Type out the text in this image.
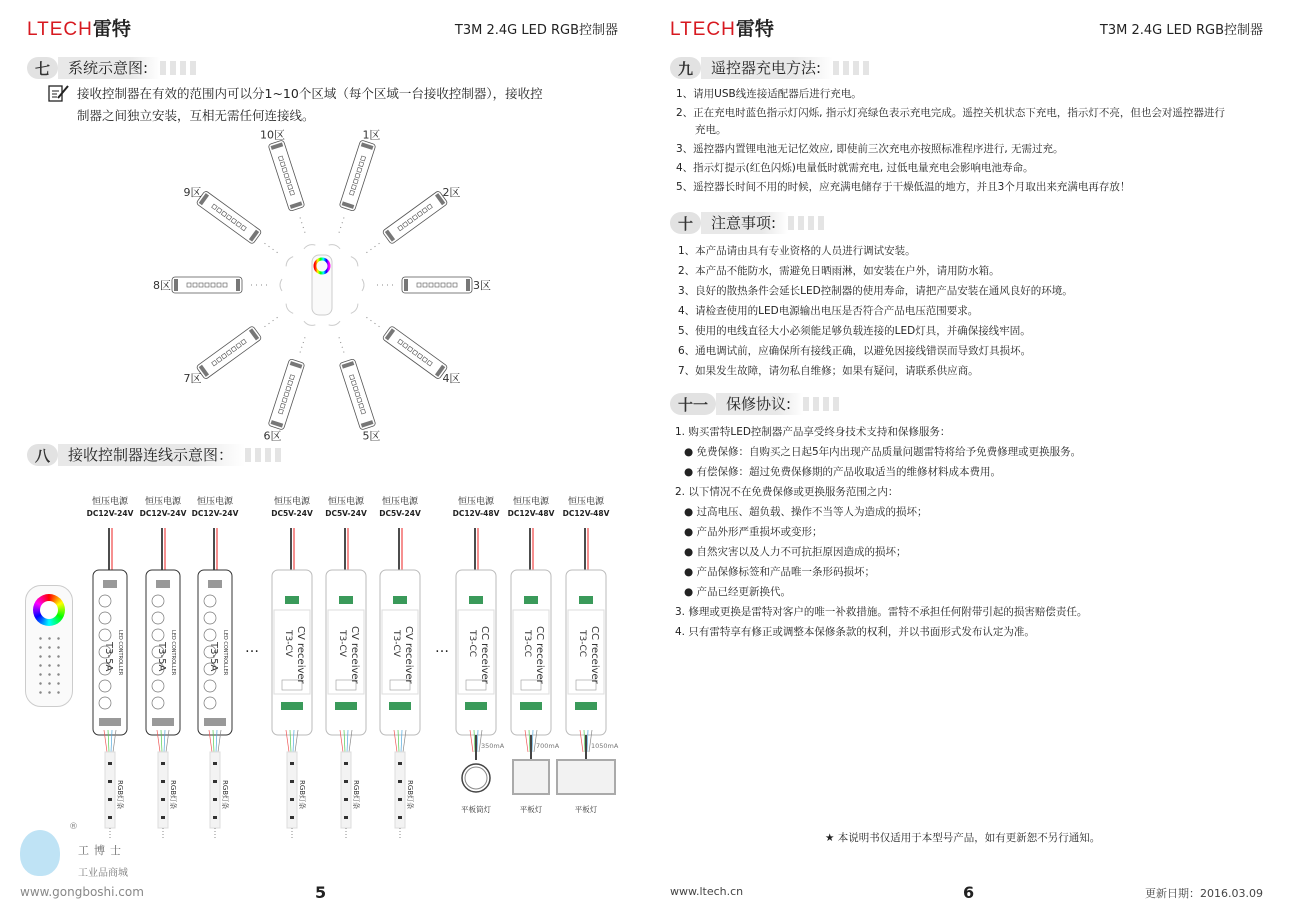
LTECH雷特	T3M 2.4G LED RGB控制器
七	系统示意图:
接收控制器在有效的范围内可以分1~10个区域（每个区域一台接收控制器），接收控
制器之间独立安装，互相无需任何连接线。
1区
2区
3区
4区
5区
6区
7区
8区
9区
10区
八	接收控制器连线示意图：
恒压电源
DC12V-24V
T3-5A LED CONTROLLER
RGB灯条
恒压电源
DC12V-24V
T3-5A LED CONTROLLER
RGB灯条
恒压电源
DC12V-24V
T3-5A LED CONTROLLER
RGB灯条
恒压电源
DC5V-24V
T3-CV CV receiver
RGB灯条
恒压电源
DC5V-24V
T3-CV CV receiver
RGB灯条
恒压电源
DC5V-24V
T3-CV CV receiver
RGB灯条
恒压电源
DC12V-48V
T3-CC CC receiver
350mA
平板筒灯
恒压电源
DC12V-48V
T3-CC CC receiver
700mA
平板灯
恒压电源
DC12V-48V
T3-CC CC receiver
1050mA
平板灯
…	…
®
工博士
工业品商城
www.gongboshi.com	5
LTECH雷特	T3M 2.4G LED RGB控制器
九	遥控器充电方法:
1、请用USB线连接适配器后进行充电。
2、正在充电时蓝色指示灯闪烁, 指示灯亮绿色表示充电完成。遥控关机状态下充电，指示灯不亮，但也会对遥控器进行
充电。
3、遥控器内置锂电池无记忆效应, 即使前三次充电亦按照标准程序进行, 无需过充。
4、指示灯提示(红色闪烁)电量低时就需充电, 过低电量充电会影响电池寿命。
5、遥控器长时间不用的时候，应充满电储存于干燥低温的地方，并且3个月取出来充满电再存放！
十	注意事项:
1、本产品请由具有专业资格的人员进行调试安装。
2、本产品不能防水，需避免日晒雨淋，如安装在户外，请用防水箱。
3、良好的散热条件会延长LED控制器的使用寿命，请把产品安装在通风良好的环境。
4、请检查使用的LED电源输出电压是否符合产品电压范围要求。
5、使用的电线直径大小必须能足够负载连接的LED灯具，并确保接线牢固。
6、通电调试前，应确保所有接线正确，以避免因接线错误而导致灯具损坏。
7、如果发生故障，请勿私自维修；如果有疑问，请联系供应商。
十一	保修协议:
1. 购买雷特LED控制器产品享受终身技术支持和保修服务：
● 免费保修：自购买之日起5年内出现产品质量问题雷特将给予免费修理或更换服务。
● 有偿保修：超过免费保修期的产品收取适当的维修材料成本费用。
2. 以下情况不在免费保修或更换服务范围之内：
● 过高电压、超负载、操作不当等人为造成的损坏；
● 产品外形严重损坏或变形；
● 自然灾害以及人力不可抗拒原因造成的损坏；
● 产品保修标签和产品唯一条形码损坏；
● 产品已经更新换代。
3. 修理或更换是雷特对客户的唯一补救措施。雷特不承担任何附带引起的损害赔偿责任。
4. 只有雷特享有修正或调整本保修条款的权利，并以书面形式发布认定为准。
★ 本说明书仅适用于本型号产品，如有更新恕不另行通知。
www.ltech.cn	6	更新日期：2016.03.09
